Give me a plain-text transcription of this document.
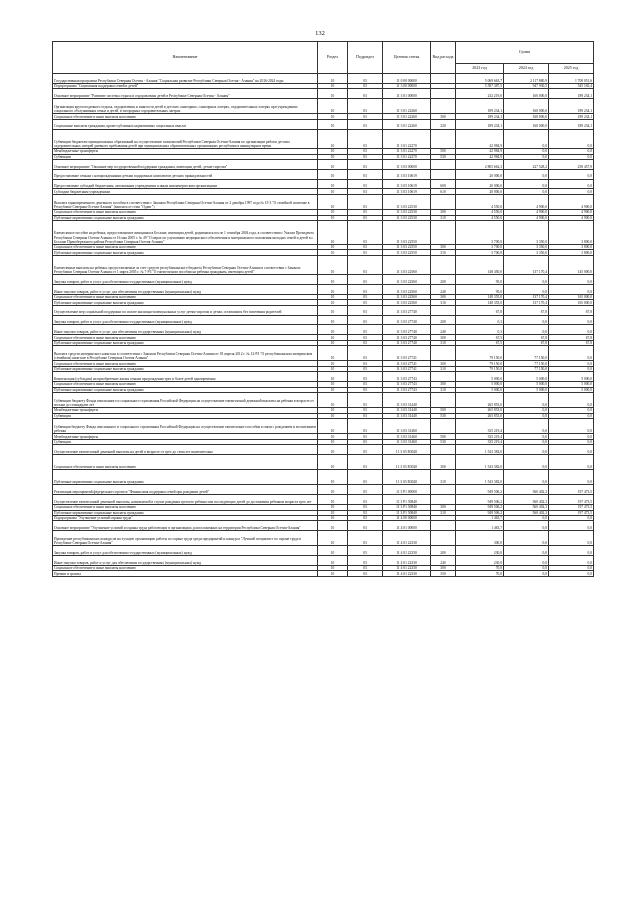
132
Наименование	Раздел	Подраздел	Целевая статья	Вид расхода	Сумма		
					2023 год	2024 год	2025 год
Государственная программа Республики Северная Осетия - Алания "Социальная развитие Республики Северная Осетия - Алания" на 2016-2024 годы	10	03	11 0 00 00000		5 069 663,7	2 117 880,9	1 708 051,6
Подпрограмма "Социальная поддержка семей и детей"	10	03	11 3 00 00000		5 587 387,5	947 930,5	545 165,4
Основное мероприятие "Развитие системы отдыха и оздоровления детей в Республике Северная Осетия - Алания"	10	03	11 3 01 00000		232 219,0	160 000,0	189 234,1
Организация круглогодичного отдыха, оздоровления и занятости детей в детских санаториях, санаторных лагерях, оздоровительных лагерях при учреждениях социального обслуживания семьи и детей, в загородных оздоровительных лагерях	10	03	11 3 01 22260		189 234,1	160 000,0	189 234,1
Социальное обеспечение и иные выплаты населению	10	03	11 3 01 22260	300	189 234,1	160 000,0	189 234,1
Социальные выплаты гражданам, кроме публичных нормативных социальных выплат	10	03	11 3 01 22260	320	189 234,1	160 000,0	189 234,1
Субвенции бюджетам муниципальных образований на осуществление полномочий Республики Северная Осетия-Алания по организации работы детских оздоровительных лагерей дневного пребывания детей при муниципальных образовательных организациях республики в каникулярное время	10	03	11 3 01 22270		42 984,9	0,0	0,0
Межбюджетные трансферты	10	03	11 3 01 22270	500	42 984,9	0,0	0,0
Субвенции	10	03	11 3 01 22270	530	42 984,9	0,0	0,0
Основное мероприятие "Оказание мер государственной поддержки гражданам, имеющим детей, детям-сиротам"	10	03	11 3 03 00000		2 805 662,3	227 528,2	258 457,9
Предоставление семьям с новорожденными детьми подарочных комплектов детских принадлежностей	10	03	11 3 03 10619		20 000,0	0,0	0,0
Предоставление субсидий бюджетным, автономным учреждениям и иным некоммерческим организациям	10	03	11 3 03 10619	600	20 000,0	0,0	0,0
Субсидии бюджетным учреждениям	10	03	11 3 03 10619	610	20 000,0	0,0	0,0
Выплата единовременного денежного пособия в соответствии с Законом Республики Северная Осетия-Алания от 2 декабря 1997 года № 15-3 "О семейной политике в Республике Северная Осетия-Алания" (выплата от семи "Одаиг")	10	03	11 3 03 22530		4 550,0	4 900,0	4 900,0
Социальное обеспечение и иные выплаты населению	10	03	11 3 03 22530	300	4 550,0	4 900,0	4 900,0
Публичные нормативные социальные выплаты гражданам	10	03	11 3 03 22530	310	4 550,0	4 900,0	4 900,0
Ежемесячное пособие на ребенка, предоставляемое женщинам в Беслане, имеющим детей, родившихся после 1 сентября 2004 года, в соответствии с Указом Президента Республики Северная Осетия-Алания от 16 мая 2005 г. № 49 "О мерах по улучшению медицинского обеспечения и материального положения молодых семей и детей в г. Беслане Правобережного района Республики Северная Осетия-Алания"	10	03	11 3 03 22550		3 700,0	3 350,0	3 800,0
Социальное обеспечение и иные выплаты населению	10	03	11 3 03 22550	300	3 700,0	3 350,0	3 800,0
Публичные нормативные социальные выплаты гражданам	10	03	11 3 03 22550	310	3 700,0	3 350,0	3 800,0
Ежемесячные выплаты на ребенка, предоставляемые за счет средств республиканского бюджета Республики Северная Осетия-Алания в соответствии с Законом Республики Северная Осетия-Алания от 1 марта 2005 г. № 7-РЗ "О ежемесячном пособии на ребенка гражданам, имеющим детей"	10	03	11 3 03 22560		148 450,0	137 170,4	145 000,0
Закупка товаров, работ и услуг для обеспечения государственных (муниципальных) нужд	10	03	11 3 03 22560	200	95,0	0,0	0,0
Иные закупки товаров, работ и услуг для обеспечения государственных (муниципальных) нужд	10	03	11 3 03 22560	240	95,0	0,0	0,0
Социальное обеспечение и иные выплаты населению	10	03	11 3 03 22560	300	148 355,0	137 170,4	165 000,0
Публичные нормативные социальные выплаты гражданам	10	03	11 3 03 22560	310	148 355,0	137 170,4	165 000,0
Осуществление мер социальной поддержки по оплате жилищно-коммунальных услуг детям-сиротам и детям, оставшимся без попечения родителей	10	03	11 3 03 27740		67,8	67,8	67,8
Закупка товаров, работ и услуг для обеспечения государственных (муниципальных) нужд	10	03	11 3 03 27740	200	0,3	0,0	0,0
Иные закупки товаров, работ и услуг для обеспечения государственных (муниципальных) нужд	10	03	11 3 03 27740	240	0,3	0,0	0,0
Социальное обеспечение и иные выплаты населению	10	03	11 3 03 27740	300	67,5	67,8	67,8
Публичные нормативные социальные выплаты гражданам	10	03	11 3 03 27740	310	67,5	67,8	67,8
Выплата средств материнского капитала в соответствии с Законом Республики Северная Осетия-Алания от 18 апреля 2012 г. № 12-РЗ "О республиканском материнском (семейном) капитале в Республике Северная Осетия-Алания"	10	03	11 3 03 27741		79 150,0	77 150,0	0,0
Социальное обеспечение и иные выплаты населению	10	03	11 3 03 27741	300	79 150,0	77 150,0	0,0
Публичные нормативные социальные выплаты гражданам	10	03	11 3 03 27741	310	79 150,0	77 150,0	0,0
Компенсация (субсидии) на приобретение жилья семьям при рождении трех и более детей одновременно	10	03	11 3 03 27743		5 000,0	5 000,0	5 000,0
Социальное обеспечение и иные выплаты населению	10	03	11 3 03 27743	300	5 000,0	5 000,0	5 000,0
Публичные нормативные социальные выплаты гражданам	10	03	11 3 03 27743	310	5 000,0	5 000,0	5 000,0
Субвенции бюджету Фонда пенсионного и социального страхования Российской Федерации на осуществление ежемесячной денежной выплаты на ребенка в возрасте от восьми до семнадцати лет	10	03	11 3 03 31440		265 853,0	0,0	0,0
Межбюджетные трансферты	10	03	11 3 03 31440	500	265 853,0	0,0	0,0
Субвенции	10	03	11 3 03 31440	530	265 853,0	0,0	0,0
Субвенция бюджету Фонда пенсионного и социального страхования Российской Федерации на осуществление ежемесячного пособия в связи с рождением и воспитанием ребенка	10	03	11 3 03 31460		335 219,4	0,0	0,0
Межбюджетные трансферты	10	03	11 3 03 31460	500	335 219,4	0,0	0,0
Субвенции	10	03	11 3 03 31460	530	335 219,4	0,0	0,0
Осуществление ежемесячной денежной выплаты на детей в возрасте от трех до семи лет включительно	10	03	11 3 03 R3020		1 543 382,0	0,0	0,0
Социальное обеспечение и иные выплаты населению	10	03	11 3 03 R3020	300	1 543 382,0	0,0	0,0
Публичные нормативные социальные выплаты гражданам	10	03	11 3 03 R3020	310	1 543 382,0	0,0	0,0
Реализация мероприятий федерального проекта "Финансовая поддержка семей при рождении детей"	10	03	11 3 P1 00000		949 506,2	560 402,3	197 473,5
Осуществление ежемесячной денежной выплаты, назначаемой в случае рождения третьего ребенка или последующих детей до достижения ребенком возраста трех лет	10	03	11 3 P1 50840		949 506,2	560 402,3	197 473,5
Социальное обеспечение и иные выплаты населению	10	03	11 3 P1 50840	300	949 506,2	560 402,3	197 473,5
Публичные нормативные социальные выплаты гражданам	10	03	11 3 P1 50840	310	949 506,2	560 402,3	197 473,5
Подпрограмма "Улучшение условий охраны труда"	10	03	11 4 00 00000		1 463,7	0,0	0,0
Основное мероприятие "Улучшение условий и охраны труда работающих в организациях, расположенных на территории Республики Северная Осетия-Алания"	10	03	11 4 01 00000		1 463,7	0,0	0,0
Проведение республиканских конкурсов на лучшую организацию работы по охране труда среди предприятий и конкурса "Лучший специалист по охране труда в Республике Северная Осетия-Алания"	10	03	11 4 01 22330		300,0	0,0	0,0
Закупка товаров, работ и услуг для обеспечения государственных (муниципальных) нужд	10	03	11 4 01 22330	200	230,0	0,0	0,0
Иные закупки товаров, работ и услуг для обеспечения государственных (муниципальных) нужд	10	03	11 4 01 22330	240	230,0	0,0	0,0
Социальное обеспечение и иные выплаты населению	10	03	11 4 01 22330	300	70,0	0,0	0,0
Премии и гранты	10	03	11 4 01 22330	350	70,0	0,0	0,0
